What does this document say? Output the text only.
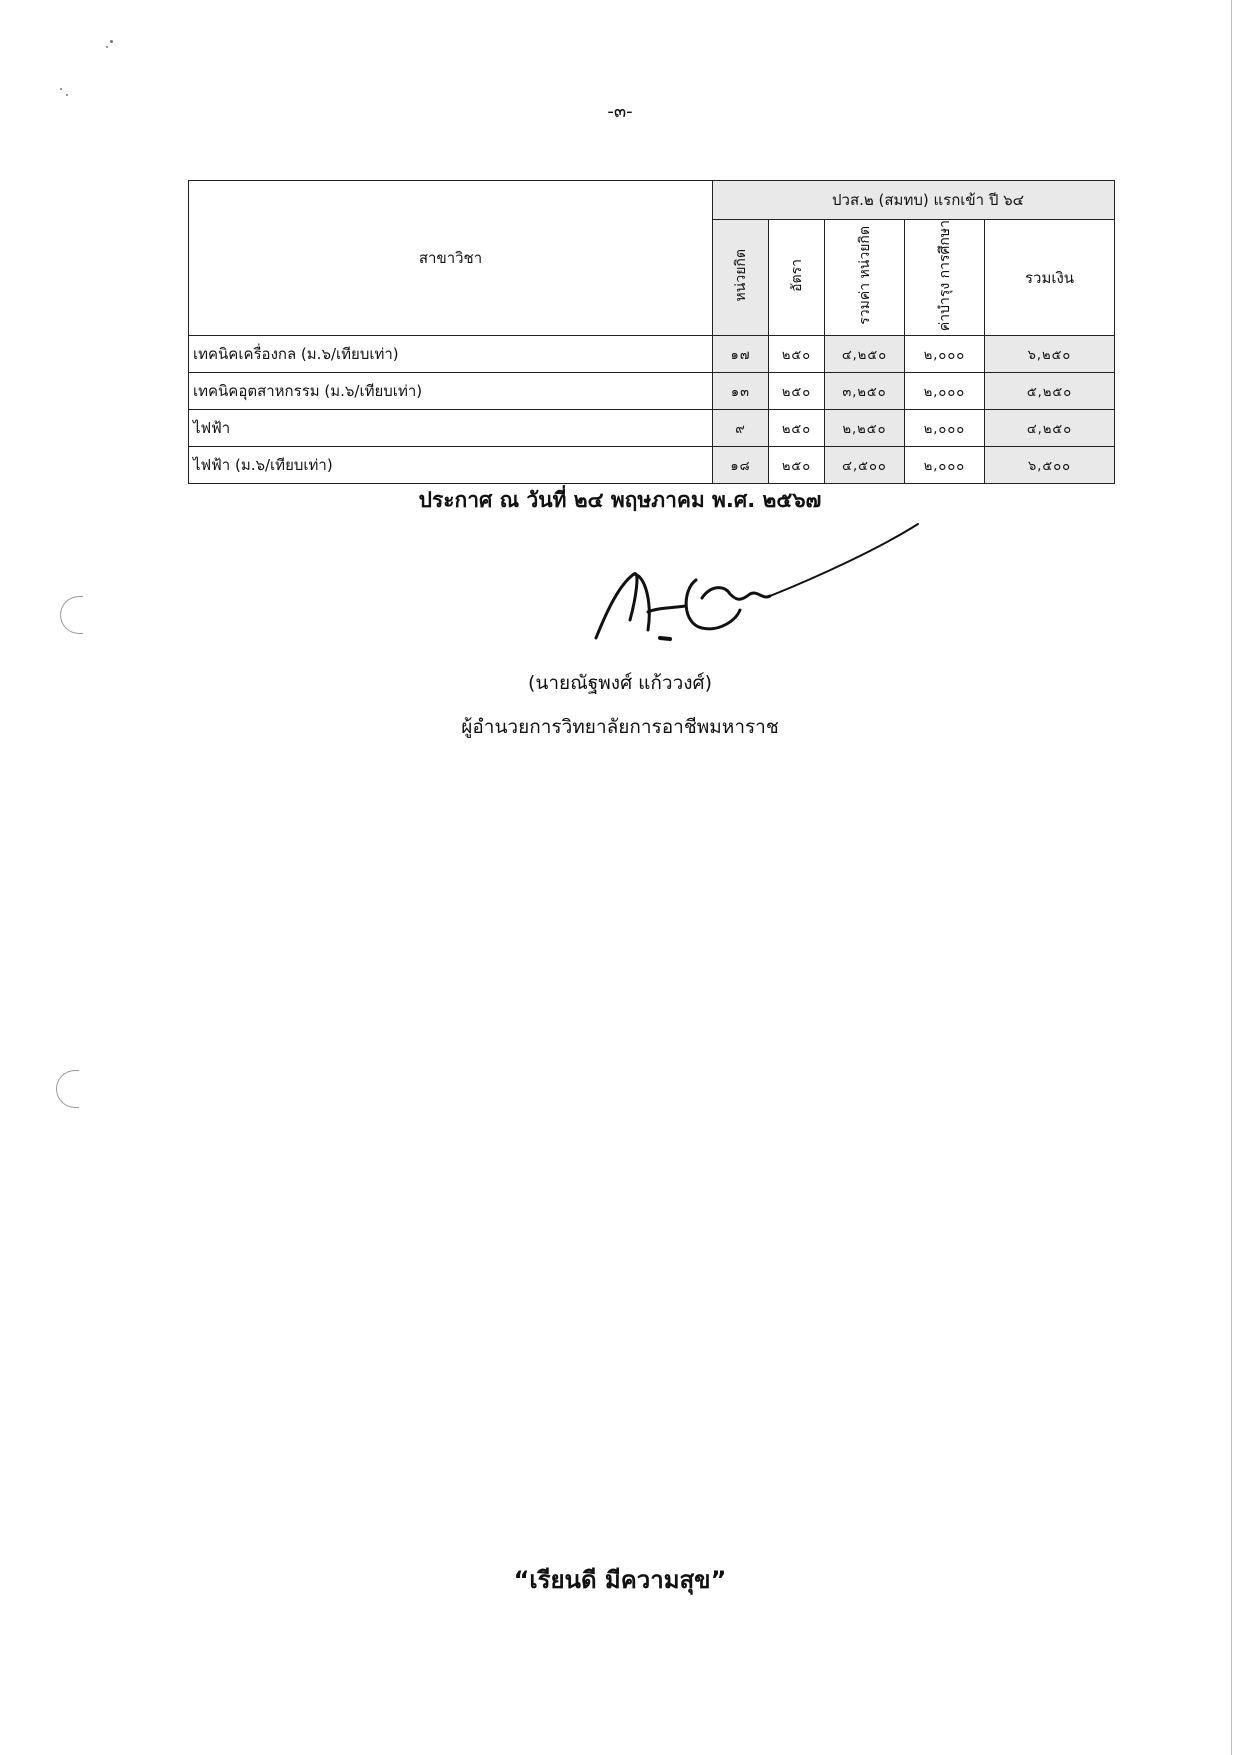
-๓-
สาขาวิชา	ปวส.๒ (สมทบ) แรกเข้า ปี ๖๔				
	หน่วยกิต	อัตรา	รวมค่า หน่วยกิต	ค่าบำรุง การศึกษา	รวมเงิน
เทคนิคเครื่องกล (ม.๖/เทียบเท่า)	๑๗	๒๕๐	๔,๒๕๐	๒,๐๐๐	๖,๒๕๐
เทคนิคอุตสาหกรรม (ม.๖/เทียบเท่า)	๑๓	๒๕๐	๓,๒๕๐	๒,๐๐๐	๕,๒๕๐
ไฟฟ้า	๙	๒๕๐	๒,๒๕๐	๒,๐๐๐	๔,๒๕๐
ไฟฟ้า (ม.๖/เทียบเท่า)	๑๘	๒๕๐	๔,๕๐๐	๒,๐๐๐	๖,๕๐๐
ประกาศ ณ วันที่ ๒๔ พฤษภาคม พ.ศ. ๒๕๖๗
(นายณัฐพงศ์ แก้ววงศ์)
ผู้อำนวยการวิทยาลัยการอาชีพมหาราช
“เรียนดี มีความสุข”
